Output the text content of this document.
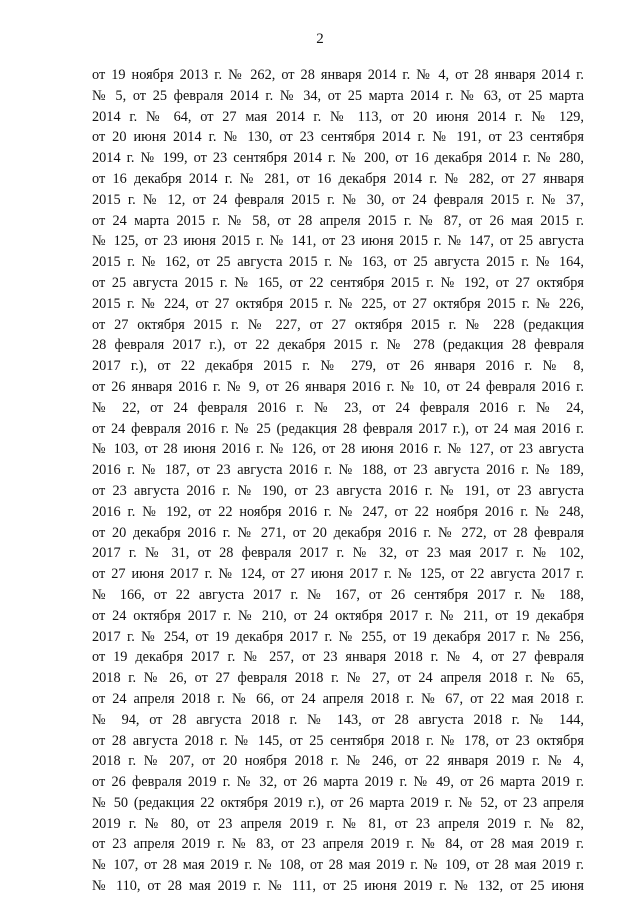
2
от 19 ноября 2013 г. № 262, от 28 января 2014 г. № 4, от 28 января 2014 г.
№ 5, от 25 февраля 2014 г. № 34, от 25 марта 2014 г. № 63, от 25 марта
2014 г. № 64, от 27 мая 2014 г. № 113, от 20 июня 2014 г. № 129,
от 20 июня 2014 г. № 130, от 23 сентября 2014 г. № 191, от 23 сентября
2014 г. № 199, от 23 сентября 2014 г. № 200, от 16 декабря 2014 г. № 280,
от 16 декабря 2014 г. № 281, от 16 декабря 2014 г. № 282, от 27 января
2015 г. № 12, от 24 февраля 2015 г. № 30, от 24 февраля 2015 г. № 37,
от 24 марта 2015 г. № 58, от 28 апреля 2015 г. № 87, от 26 мая 2015 г.
№ 125, от 23 июня 2015 г. № 141, от 23 июня 2015 г. № 147, от 25 августа
2015 г. № 162, от 25 августа 2015 г. № 163, от 25 августа 2015 г. № 164,
от 25 августа 2015 г. № 165, от 22 сентября 2015 г. № 192, от 27 октября
2015 г. № 224, от 27 октября 2015 г. № 225, от 27 октября 2015 г. № 226,
от 27 октября 2015 г. № 227, от 27 октября 2015 г. № 228 (редакция
28 февраля 2017 г.), от 22 декабря 2015 г. № 278 (редакция 28 февраля
2017 г.), от 22 декабря 2015 г. № 279, от 26 января 2016 г. № 8,
от 26 января 2016 г. № 9, от 26 января 2016 г. № 10, от 24 февраля 2016 г.
№ 22, от 24 февраля 2016 г. № 23, от 24 февраля 2016 г. № 24,
от 24 февраля 2016 г. № 25 (редакция 28 февраля 2017 г.), от 24 мая 2016 г.
№ 103, от 28 июня 2016 г. № 126, от 28 июня 2016 г. № 127, от 23 августа
2016 г. № 187, от 23 августа 2016 г. № 188, от 23 августа 2016 г. № 189,
от 23 августа 2016 г. № 190, от 23 августа 2016 г. № 191, от 23 августа
2016 г. № 192, от 22 ноября 2016 г. № 247, от 22 ноября 2016 г. № 248,
от 20 декабря 2016 г. № 271, от 20 декабря 2016 г. № 272, от 28 февраля
2017 г. № 31, от 28 февраля 2017 г. № 32, от 23 мая 2017 г. № 102,
от 27 июня 2017 г. № 124, от 27 июня 2017 г. № 125, от 22 августа 2017 г.
№ 166, от 22 августа 2017 г. № 167, от 26 сентября 2017 г. № 188,
от 24 октября 2017 г. № 210, от 24 октября 2017 г. № 211, от 19 декабря
2017 г. № 254, от 19 декабря 2017 г. № 255, от 19 декабря 2017 г. № 256,
от 19 декабря 2017 г. № 257, от 23 января 2018 г. № 4, от 27 февраля
2018 г. № 26, от 27 февраля 2018 г. № 27, от 24 апреля 2018 г. № 65,
от 24 апреля 2018 г. № 66, от 24 апреля 2018 г. № 67, от 22 мая 2018 г.
№ 94, от 28 августа 2018 г. № 143, от 28 августа 2018 г. № 144,
от 28 августа 2018 г. № 145, от 25 сентября 2018 г. № 178, от 23 октября
2018 г. № 207, от 20 ноября 2018 г. № 246, от 22 января 2019 г. № 4,
от 26 февраля 2019 г. № 32, от 26 марта 2019 г. № 49, от 26 марта 2019 г.
№ 50 (редакция 22 октября 2019 г.), от 26 марта 2019 г. № 52, от 23 апреля
2019 г. № 80, от 23 апреля 2019 г. № 81, от 23 апреля 2019 г. № 82,
от 23 апреля 2019 г. № 83, от 23 апреля 2019 г. № 84, от 28 мая 2019 г.
№ 107, от 28 мая 2019 г. № 108, от 28 мая 2019 г. № 109, от 28 мая 2019 г.
№ 110, от 28 мая 2019 г. № 111, от 25 июня 2019 г. № 132, от 25 июня
